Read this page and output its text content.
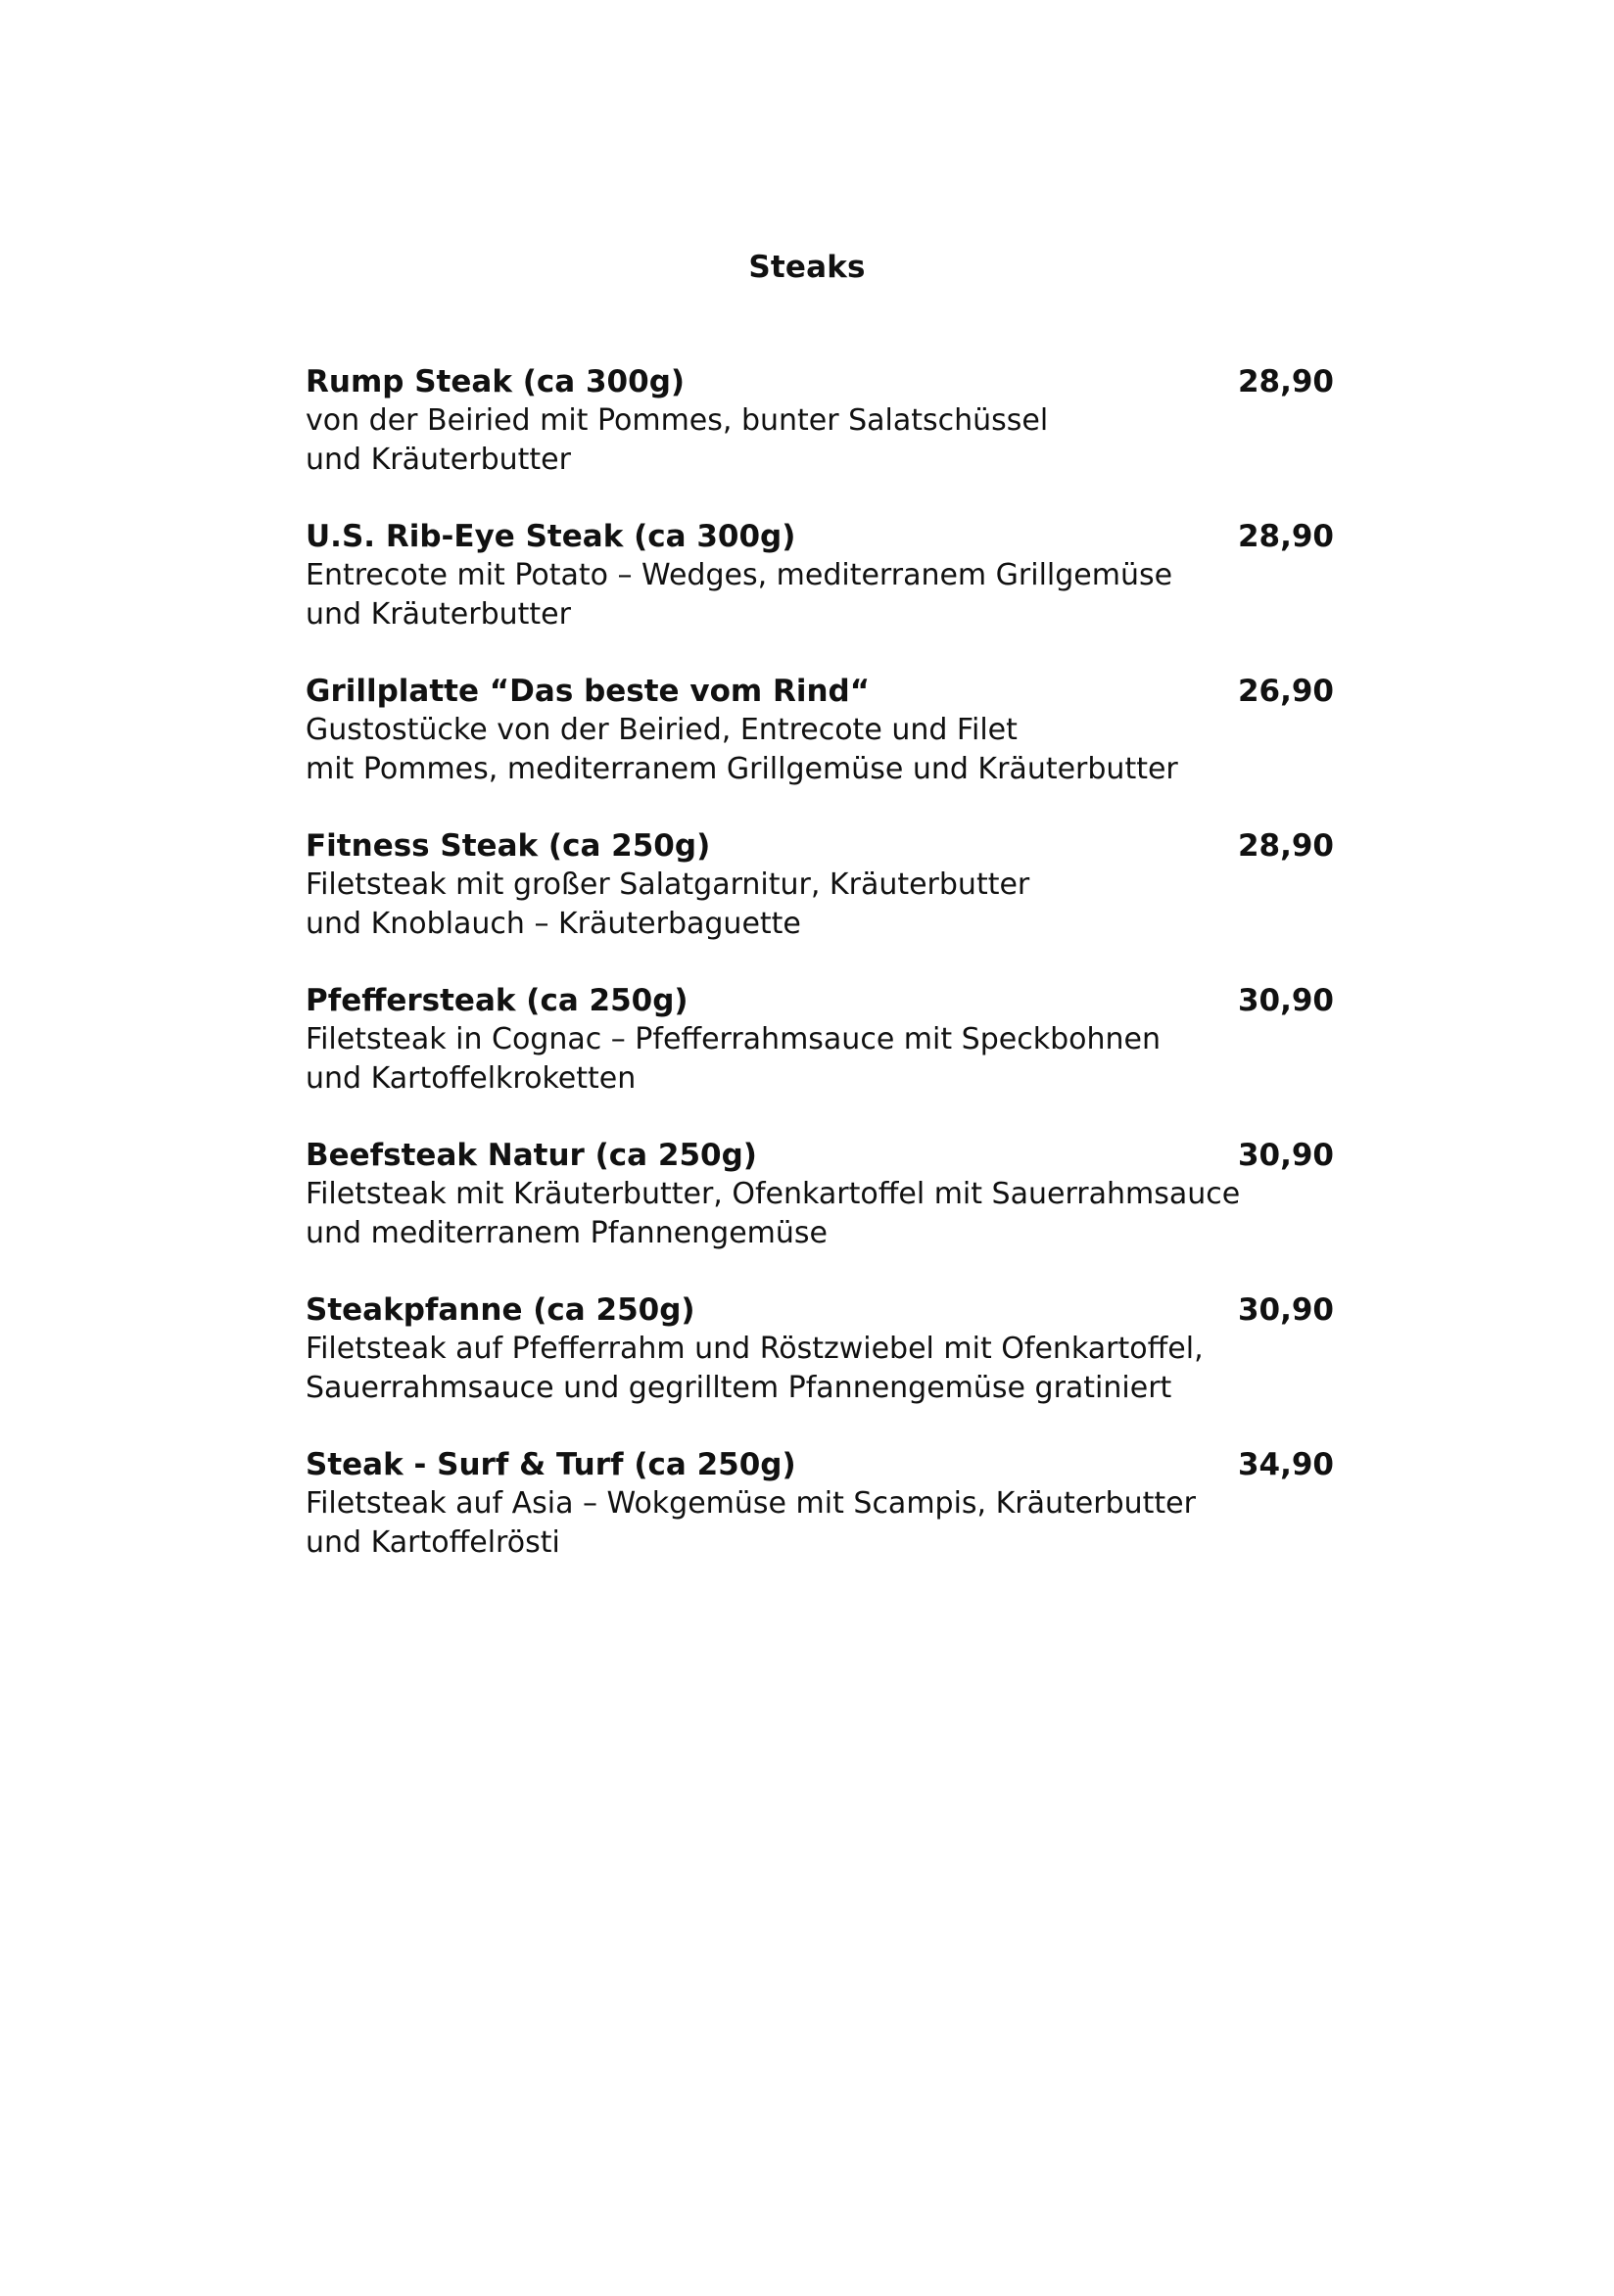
Steaks
Rump Steak (ca 300g)	28,90
von der Beiried mit Pommes, bunter Salatschüssel
und Kräuterbutter
U.S. Rib-Eye Steak (ca 300g)	28,90
Entrecote mit Potato – Wedges, mediterranem Grillgemüse
und Kräuterbutter
Grillplatte “Das beste vom Rind“	26,90
Gustostücke von der Beiried, Entrecote und Filet
mit Pommes, mediterranem Grillgemüse und Kräuterbutter
Fitness Steak (ca 250g)	28,90
Filetsteak mit großer Salatgarnitur, Kräuterbutter
und Knoblauch – Kräuterbaguette
Pfeffersteak (ca 250g)	30,90
Filetsteak in Cognac – Pfefferrahmsauce mit Speckbohnen
und Kartoffelkroketten
Beefsteak Natur (ca 250g)	30,90
Filetsteak mit Kräuterbutter, Ofenkartoffel mit Sauerrahmsauce
und mediterranem Pfannengemüse
Steakpfanne (ca 250g)	30,90
Filetsteak auf Pfefferrahm und Röstzwiebel mit Ofenkartoffel,
Sauerrahmsauce und gegrilltem Pfannengemüse gratiniert
Steak - Surf & Turf (ca 250g)	34,90
Filetsteak auf Asia – Wokgemüse mit Scampis, Kräuterbutter
und Kartoffelrösti
